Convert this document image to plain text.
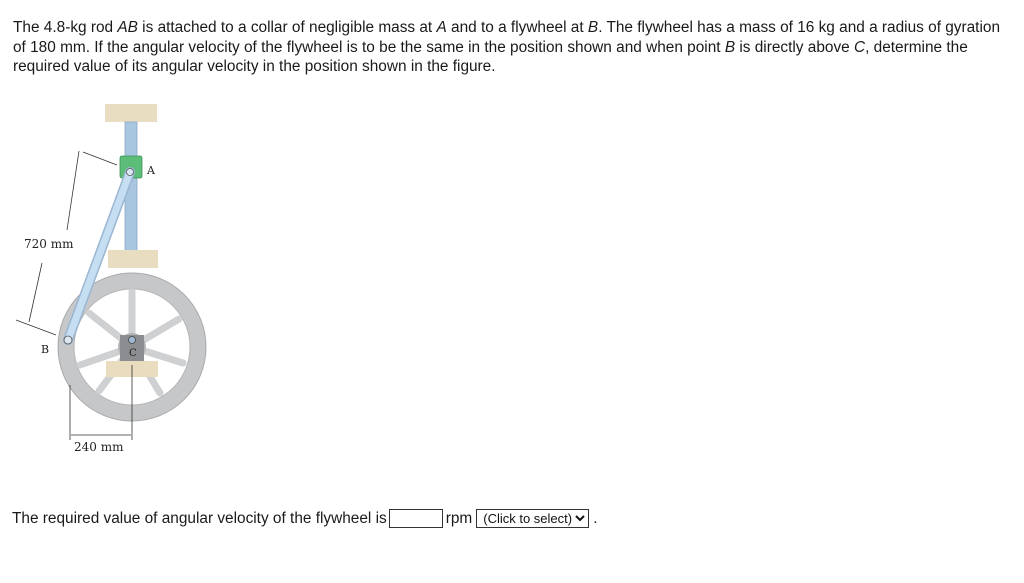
The 4.8-kg rod AB is attached to a collar of negligible mass at A and to a flywheel at B. The flywheel has a mass of 16 kg and a radius of gyration of 180 mm. If the angular velocity of the flywheel is to be the same in the position shown and when point B is directly above C, determine the required value of its angular velocity in the position shown in the figure.
A
B	C
720 mm
240 mm
The required value of angular velocity of the flywheel is	rpm
(Click to select)	.
